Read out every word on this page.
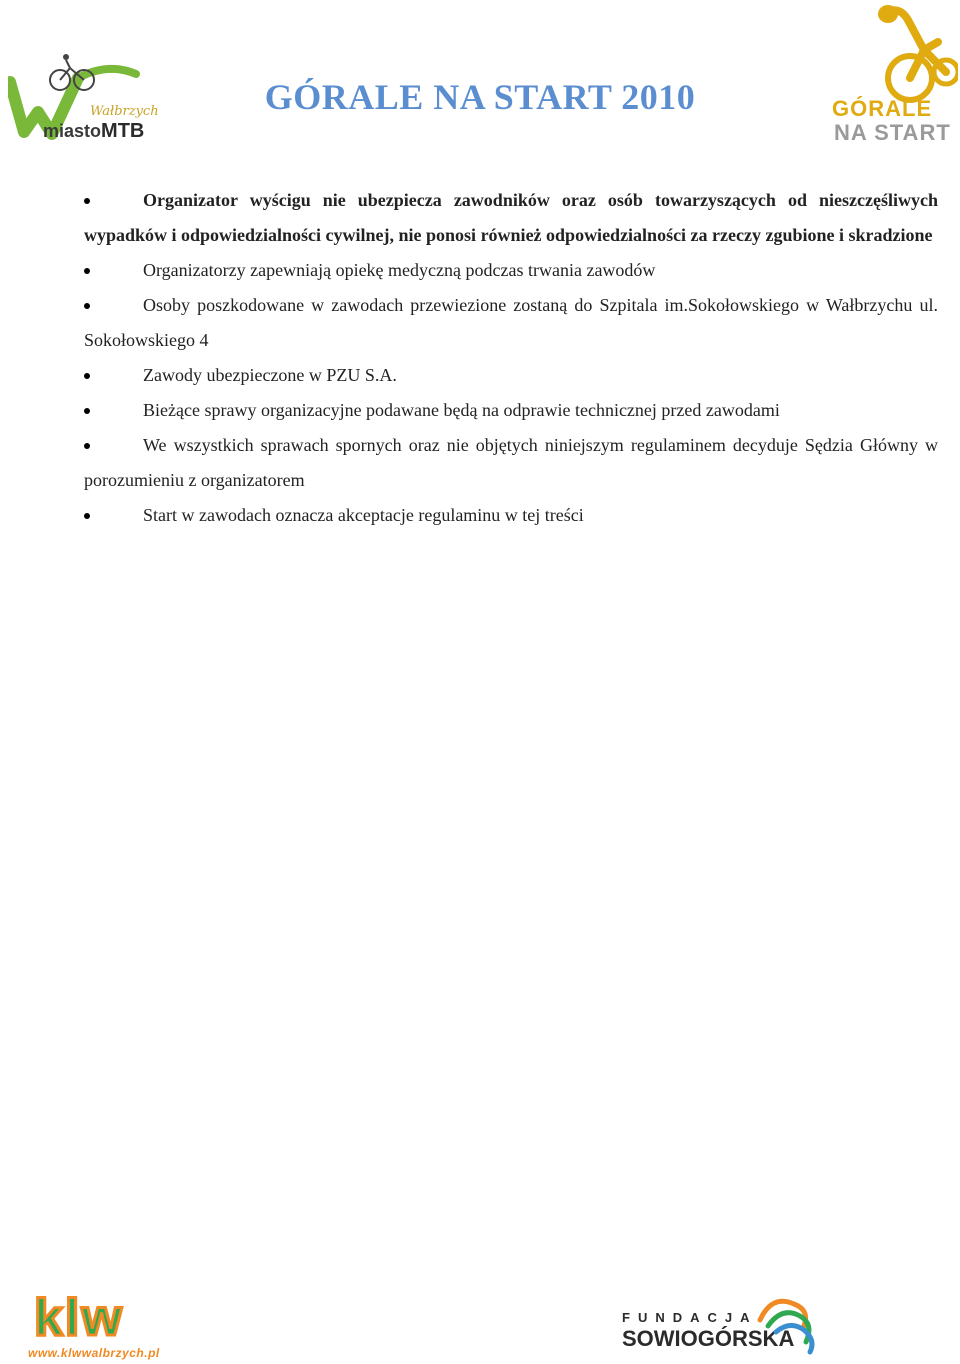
Wałbrzych
miastoMTB
GÓRALE NA START 2010	GÓRALE
NA START

Organizator wyścigu nie ubezpiecza zawodników oraz osób towarzyszących od nieszczęśliwych wypadków i odpowiedzialności cywilnej, nie ponosi również odpowiedzialności za rzeczy zgubione i skradzione

Organizatorzy zapewniają opiekę medyczną podczas trwania zawodów

Osoby poszkodowane w zawodach przewiezione zostaną do Szpitala im.Sokołowskiego w Wałbrzychu ul. Sokołowskiego 4

Zawody ubezpieczone w PZU S.A.

Bieżące sprawy organizacyjne podawane będą na odprawie technicznej przed zawodami

We wszystkich sprawach spornych oraz nie objętych niniejszym regulaminem decyduje Sędzia Główny w porozumieniu z organizatorem

Start w zawodach oznacza akceptacje regulaminu w tej treści

klw
www.klwwalbrzych.pl
FUNDACJA
SOWIOGÓRSKA
